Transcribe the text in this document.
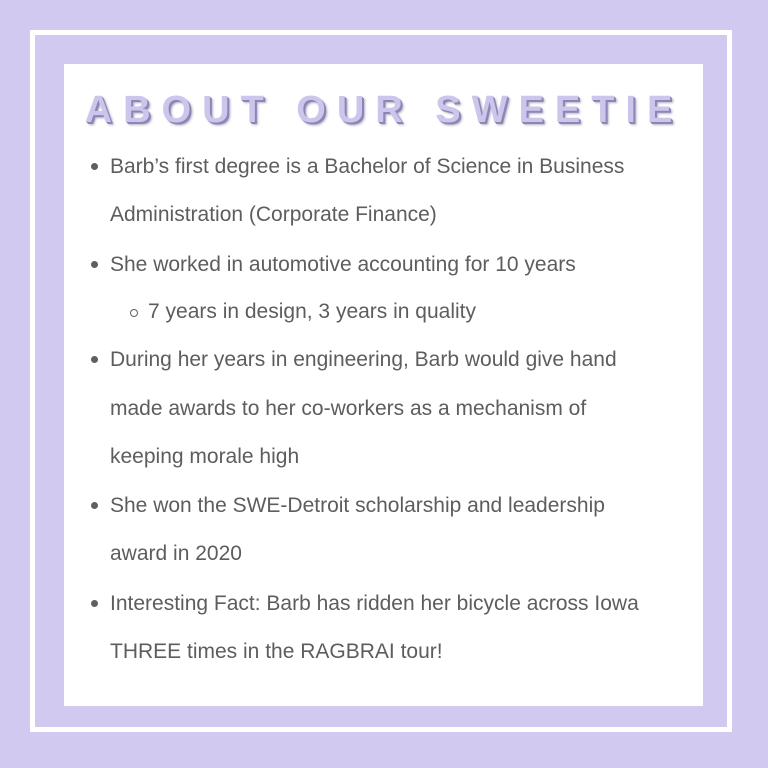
ABOUT OUR SWEETIE
Barb’s first degree is a Bachelor of Science in Business
Administration (Corporate Finance)
She worked in automotive accounting for 10 years
7 years in design, 3 years in quality
During her years in engineering, Barb would give hand
made awards to her co-workers as a mechanism of
keeping morale high
She won the SWE-Detroit scholarship and leadership
award in 2020
Interesting Fact: Barb has ridden her bicycle across Iowa
THREE times in the RAGBRAI tour!
